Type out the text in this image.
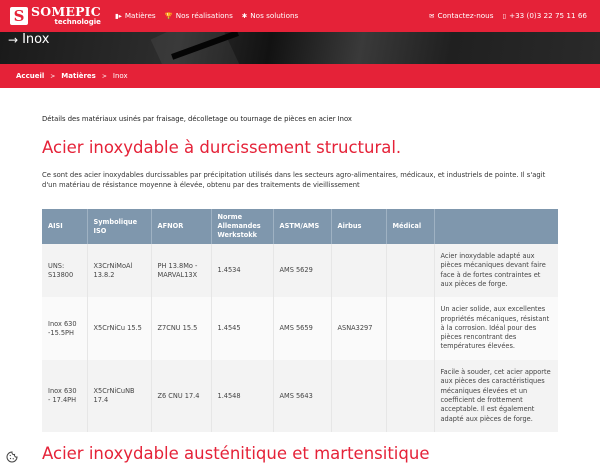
S SOMEPIC
technologie
▮▸ Matières 🏆 Nos réalisations ✱ Nos solutions	✉ Contactez-nous ▯ +33 (0)3 22 75 11 66
→ Inox
Accueil > Matières > Inox

Détails des matériaux usinés par fraisage, décolletage ou tournage de pièces en acier Inox

Acier inoxydable à durcissement structural.

Ce sont des acier inoxydables durcissables par précipitation utilisés dans les secteurs agro-alimentaires, médicaux, et industriels de pointe. Il s'agit d'un matériau de résistance moyenne à élevée, obtenu par des traitements de vieillissement

AISI	Symbolique ISO	AFNOR	Norme Allemandes Werkstokk	ASTM/AMS	Airbus	Médical	
UNS: S13800	X3CrNiMoAl 13.8.2	PH 13.8Mo - MARVAL13X	1.4534	AMS 5629			Acier inoxydable adapté aux pièces mécaniques devant faire face à de fortes contraintes et aux pièces de forge.
Inox 630 -15.5PH	X5CrNiCu 15.5	Z7CNU 15.5	1.4545	AMS 5659	ASNA3297		Un acier solide, aux excellentes propriétés mécaniques, résistant à la corrosion. Idéal pour des pièces rencontrant des températures élevées.
Inox 630 - 17.4PH	X5CrNiCuNB 17.4	Z6 CNU 17.4	1.4548	AMS 5643			Facile à souder, cet acier apporte aux pièces des caractéristiques mécaniques élevées et un coefficient de frottement acceptable. Il est également adapté aux pièces de forge.
Acier inoxydable austénitique et martensitique
